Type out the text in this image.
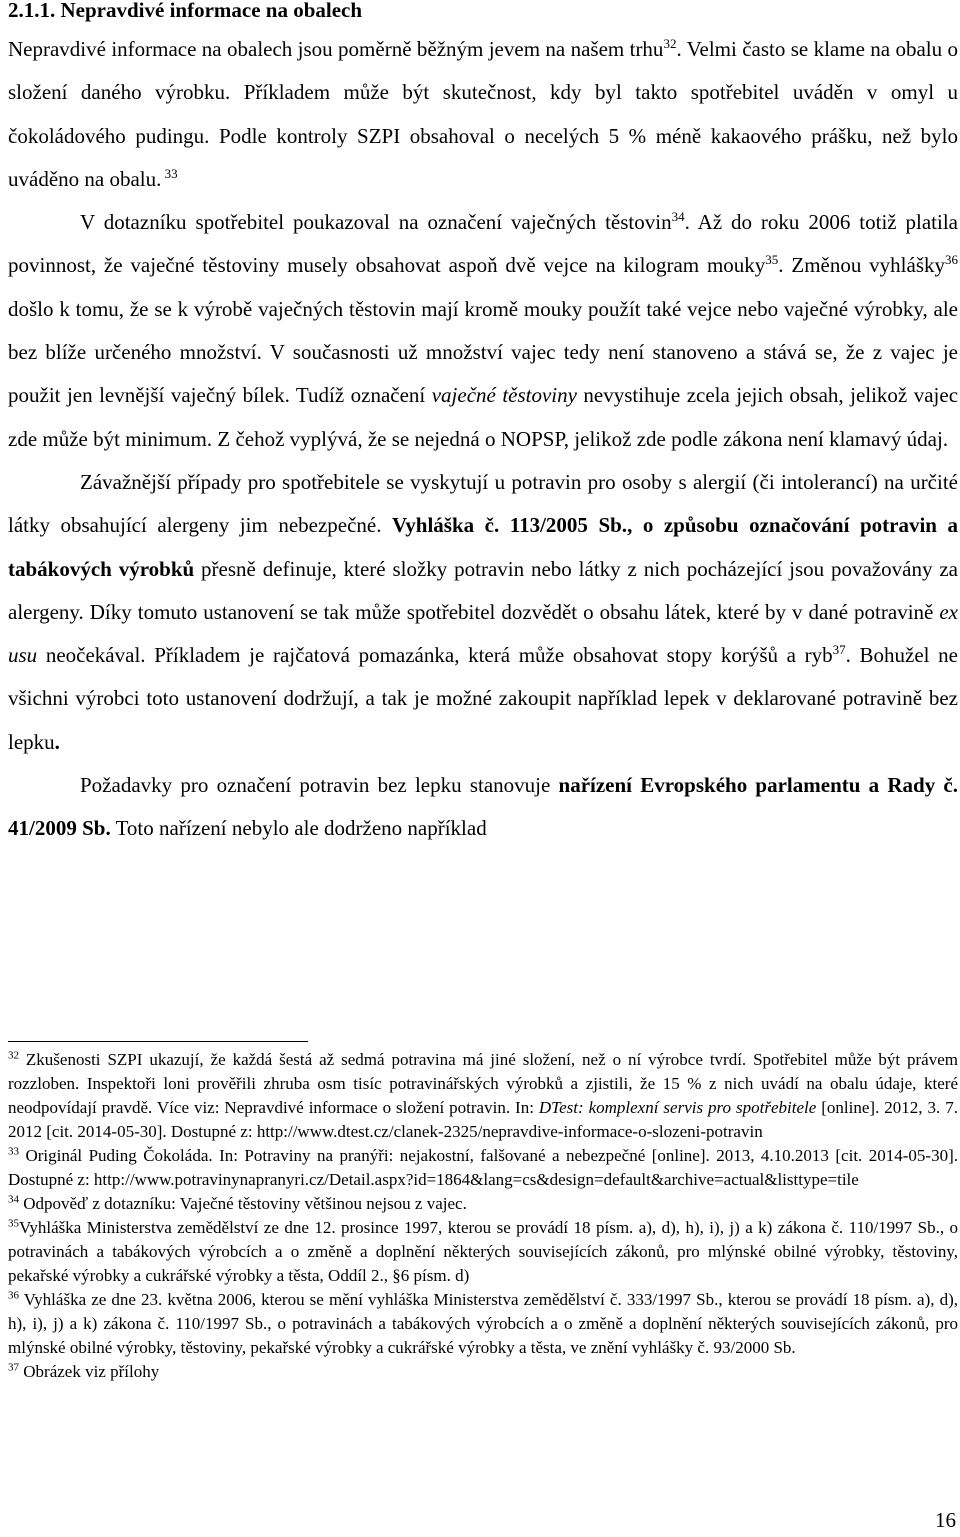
2.1.1. Nepravdivé informace na obalech

Nepravdivé informace na obalech jsou poměrně běžným jevem na našem trhu$^{32}$. Velmi často se klame na obalu o složení daného výrobku. Příkladem může být skutečnost, kdy byl takto spotřebitel uváděn v omyl u čokoládového pudingu. Podle kontroly SZPI obsahoval o necelých 5 % méně kakaového prášku, než bylo uváděno na obalu. $^{33}$

V dotazníku spotřebitel poukazoval na označení vaječných těstovin$^{34}$. Až do roku 2006 totiž platila povinnost, že vaječné těstoviny musely obsahovat aspoň dvě vejce na kilogram mouky$^{35}$. Změnou vyhlášky$^{36}$ došlo k tomu, že se k výrobě vaječných těstovin mají kromě mouky použít také vejce nebo vaječné výrobky, ale bez blíže určeného množství. V současnosti už množství vajec tedy není stanoveno a stává se, že z vajec je použit jen levnější vaječný bílek. Tudíž označení vaječné těstoviny nevystihuje zcela jejich obsah, jelikož vajec zde může být minimum. Z čehož vyplývá, že se nejedná o NOPSP, jelikož zde podle zákona není klamavý údaj.

Závažnější případy pro spotřebitele se vyskytují u potravin pro osoby s alergií (či intolerancí) na určité látky obsahující alergeny jim nebezpečné. Vyhláška č. 113/2005 Sb., o způsobu označování potravin a tabákových výrobků přesně definuje, které složky potravin nebo látky z nich pocházející jsou považovány za alergeny. Díky tomuto ustanovení se tak může spotřebitel dozvědět o obsahu látek, které by v dané potravině ex usu neočekával. Příkladem je rajčatová pomazánka, která může obsahovat stopy korýšů a ryb$^{37}$. Bohužel ne všichni výrobci toto ustanovení dodržují, a tak je možné zakoupit například lepek v deklarované potravině bez lepku.

Požadavky pro označení potravin bez lepku stanovuje nařízení Evropského parlamentu a Rady č. 41/2009 Sb. Toto nařízení nebylo ale dodrženo například

$^{32}$ Zkušenosti SZPI ukazují, že každá šestá až sedmá potravina má jiné složení, než o ní výrobce tvrdí. Spotřebitel může být právem rozzloben. Inspektoři loni prověřili zhruba osm tisíc potravinářských výrobků a zjistili, že 15 % z nich uvádí na obalu údaje, které neodpovídají pravdě. Více viz: Nepravdivé informace o složení potravin. In: DTest: komplexní servis pro spotřebitele [online]. 2012, 3. 7. 2012 [cit. 2014-05-30]. Dostupné z: http://www.dtest.cz/clanek-2325/nepravdive-informace-o-slozeni-potravin

$^{33}$ Originál Puding Čokoláda. In: Potraviny na pranýři: nejakostní, falšované a nebezpečné [online]. 2013, 4.10.2013 [cit. 2014-05-30]. Dostupné z: http://www.potravinynapranyri.cz/Detail.aspx?id=1864&lang=cs&design=default&archive=actual&listtype=tile

$^{34}$ Odpověď z dotazníku: Vaječné těstoviny většinou nejsou z vajec.

$^{35}$Vyhláška Ministerstva zemědělství ze dne 12. prosince 1997, kterou se provádí 18 písm. a), d), h), i), j) a k) zákona č. 110/1997 Sb., o potravinách a tabákových výrobcích a o změně a doplnění některých souvisejících zákonů, pro mlýnské obilné výrobky, těstoviny, pekařské výrobky a cukrářské výrobky a těsta, Oddíl 2., §6 písm. d)

$^{36}$ Vyhláška ze dne 23. května 2006, kterou se mění vyhláška Ministerstva zemědělství č. 333/1997 Sb., kterou se provádí 18 písm. a), d), h), i), j) a k) zákona č. 110/1997 Sb., o potravinách a tabákových výrobcích a o změně a doplnění některých souvisejících zákonů, pro mlýnské obilné výrobky, těstoviny, pekařské výrobky a cukrářské výrobky a těsta, ve znění vyhlášky č. 93/2000 Sb.

$^{37}$ Obrázek viz přílohy

16
